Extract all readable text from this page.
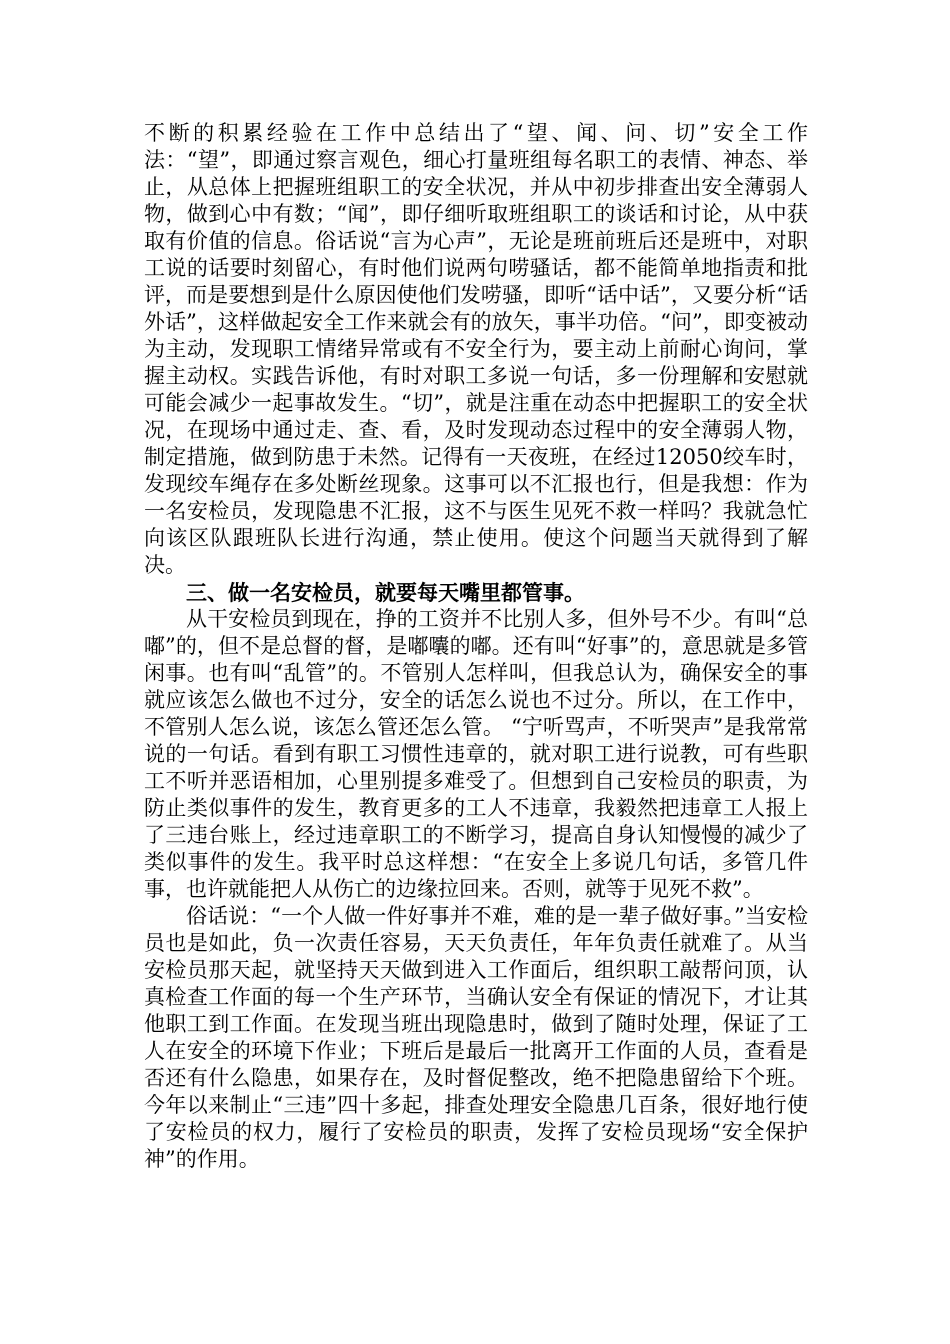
不断的积累经验在工作中总结出了“望、闻、问、切”安全工作法：“望”，即通过察言观色，细心打量班组每名职工的表情、神态、举止，从总体上把握班组职工的安全状况，并从中初步排查出安全薄弱人物，做到心中有数；“闻”，即仔细听取班组职工的谈话和讨论，从中获取有价值的信息。俗话说“言为心声”，无论是班前班后还是班中，对职工说的话要时刻留心，有时他们说两句唠骚话，都不能简单地指责和批评，而是要想到是什么原因使他们发唠骚，即听“话中话”，又要分析“话外话”，这样做起安全工作来就会有的放矢，事半功倍。“问”，即变被动为主动，发现职工情绪异常或有不安全行为，要主动上前耐心询问，掌握主动权。实践告诉他，有时对职工多说一句话，多一份理解和安慰就可能会减少一起事故发生。“切”，就是注重在动态中把握职工的安全状况，在现场中通过走、查、看，及时发现动态过程中的安全薄弱人物，制定措施，做到防患于未然。记得有一天夜班，在经过12050绞车时，发现绞车绳存在多处断丝现象。这事可以不汇报也行，但是我想：作为一名安检员，发现隐患不汇报，这不与医生见死不救一样吗？我就急忙向该区队跟班队长进行沟通，禁止使用。使这个问题当天就得到了解决。

三、做一名安检员，就要每天嘴里都管事。

从干安检员到现在，挣的工资并不比别人多，但外号不少。有叫“总嘟”的，但不是总督的督，是嘟囔的嘟。还有叫“好事”的，意思就是多管闲事。也有叫“乱管”的。不管别人怎样叫，但我总认为，确保安全的事就应该怎么做也不过分，安全的话怎么说也不过分。所以，在工作中，不管别人怎么说，该怎么管还怎么管。 “宁听骂声，不听哭声”是我常常说的一句话。看到有职工习惯性违章的，就对职工进行说教，可有些职工不听并恶语相加，心里别提多难受了。但想到自己安检员的职责，为防止类似事件的发生，教育更多的工人不违章，我毅然把违章工人报上了三违台账上，经过违章职工的不断学习，提高自身认知慢慢的减少了类似事件的发生。我平时总这样想：“在安全上多说几句话，多管几件事，也许就能把人从伤亡的边缘拉回来。否则，就等于见死不救”。

俗话说：“一个人做一件好事并不难，难的是一辈子做好事。”当安检员也是如此，负一次责任容易，天天负责任，年年负责任就难了。从当安检员那天起，就坚持天天做到进入工作面后，组织职工敲帮问顶，认真检查工作面的每一个生产环节，当确认安全有保证的情况下，才让其他职工到工作面。在发现当班出现隐患时，做到了随时处理，保证了工人在安全的环境下作业；下班后是最后一批离开工作面的人员，查看是否还有什么隐患，如果存在，及时督促整改，绝不把隐患留给下个班。今年以来制止“三违”四十多起，排查处理安全隐患几百条，很好地行使了安检员的权力，履行了安检员的职责，发挥了安检员现场“安全保护神”的作用。
